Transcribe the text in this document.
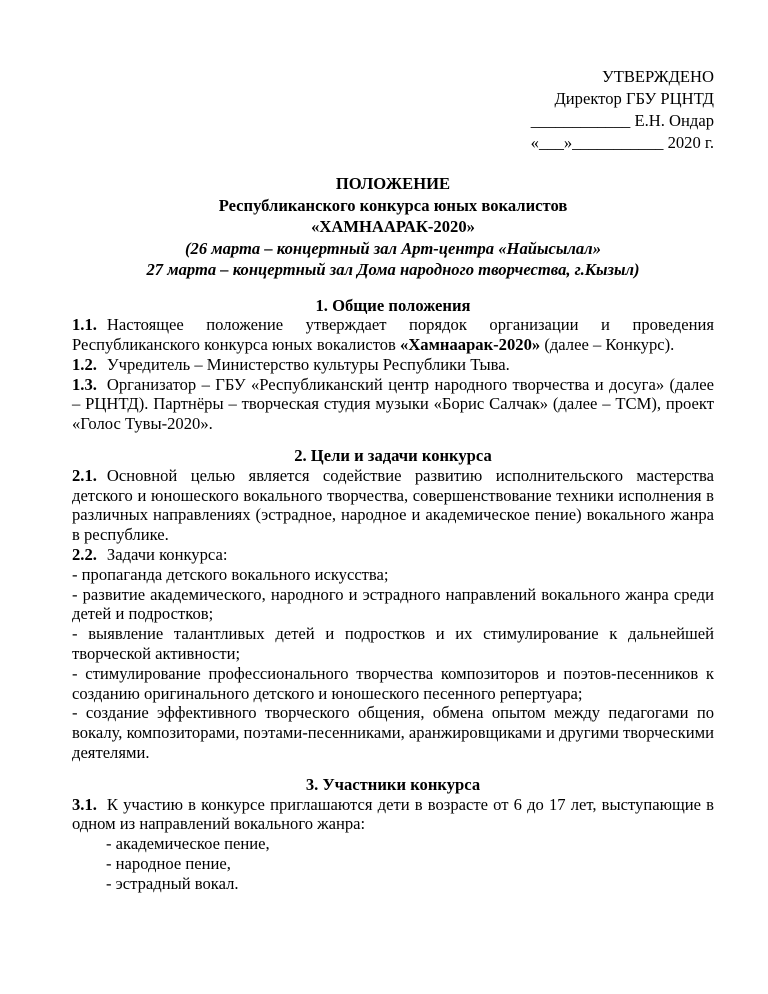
УТВЕРЖДЕНО
Директор ГБУ РЦНТД
____________ Е.Н. Ондар
«___»___________ 2020 г.
ПОЛОЖЕНИЕ
Республиканского конкурса юных вокалистов
«ХАМНААРАК-2020»
(26 марта – концертный зал Арт-центра «Найысылал»
27 марта – концертный зал Дома народного творчества, г.Кызыл)
1. Общие положения

1.1. Настоящее положение утверждает порядок организации и проведения Республиканского конкурса юных вокалистов «Хамнаарак-2020» (далее – Конкурс).

1.2. Учредитель – Министерство культуры Республики Тыва.

1.3. Организатор – ГБУ «Республиканский центр народного творчества и досуга» (далее – РЦНТД). Партнёры – творческая студия музыки «Борис Салчак» (далее – ТСМ), проект «Голос Тувы-2020».

2. Цели и задачи конкурса

2.1. Основной целью является содействие развитию исполнительского мастерства детского и юношеского вокального творчества, совершенствование техники исполнения в различных направлениях (эстрадное, народное и академическое пение) вокального жанра в республике.

2.2. Задачи конкурса:

- пропаганда детского вокального искусства;

- развитие академического, народного и эстрадного направлений вокального жанра среди детей и подростков;

- выявление талантливых детей и подростков и их стимулирование к дальнейшей творческой активности;

- стимулирование профессионального творчества композиторов и поэтов-песенников к созданию оригинального детского и юношеского песенного репертуара;

- создание эффективного творческого общения, обмена опытом между педагогами по вокалу, композиторами, поэтами-песенниками, аранжировщиками и другими творческими деятелями.

3. Участники конкурса

3.1. К участию в конкурсе приглашаются дети в возрасте от 6 до 17 лет, выступающие в одном из направлений вокального жанра:

- академическое пение,
- народное пение,
- эстрадный вокал.
